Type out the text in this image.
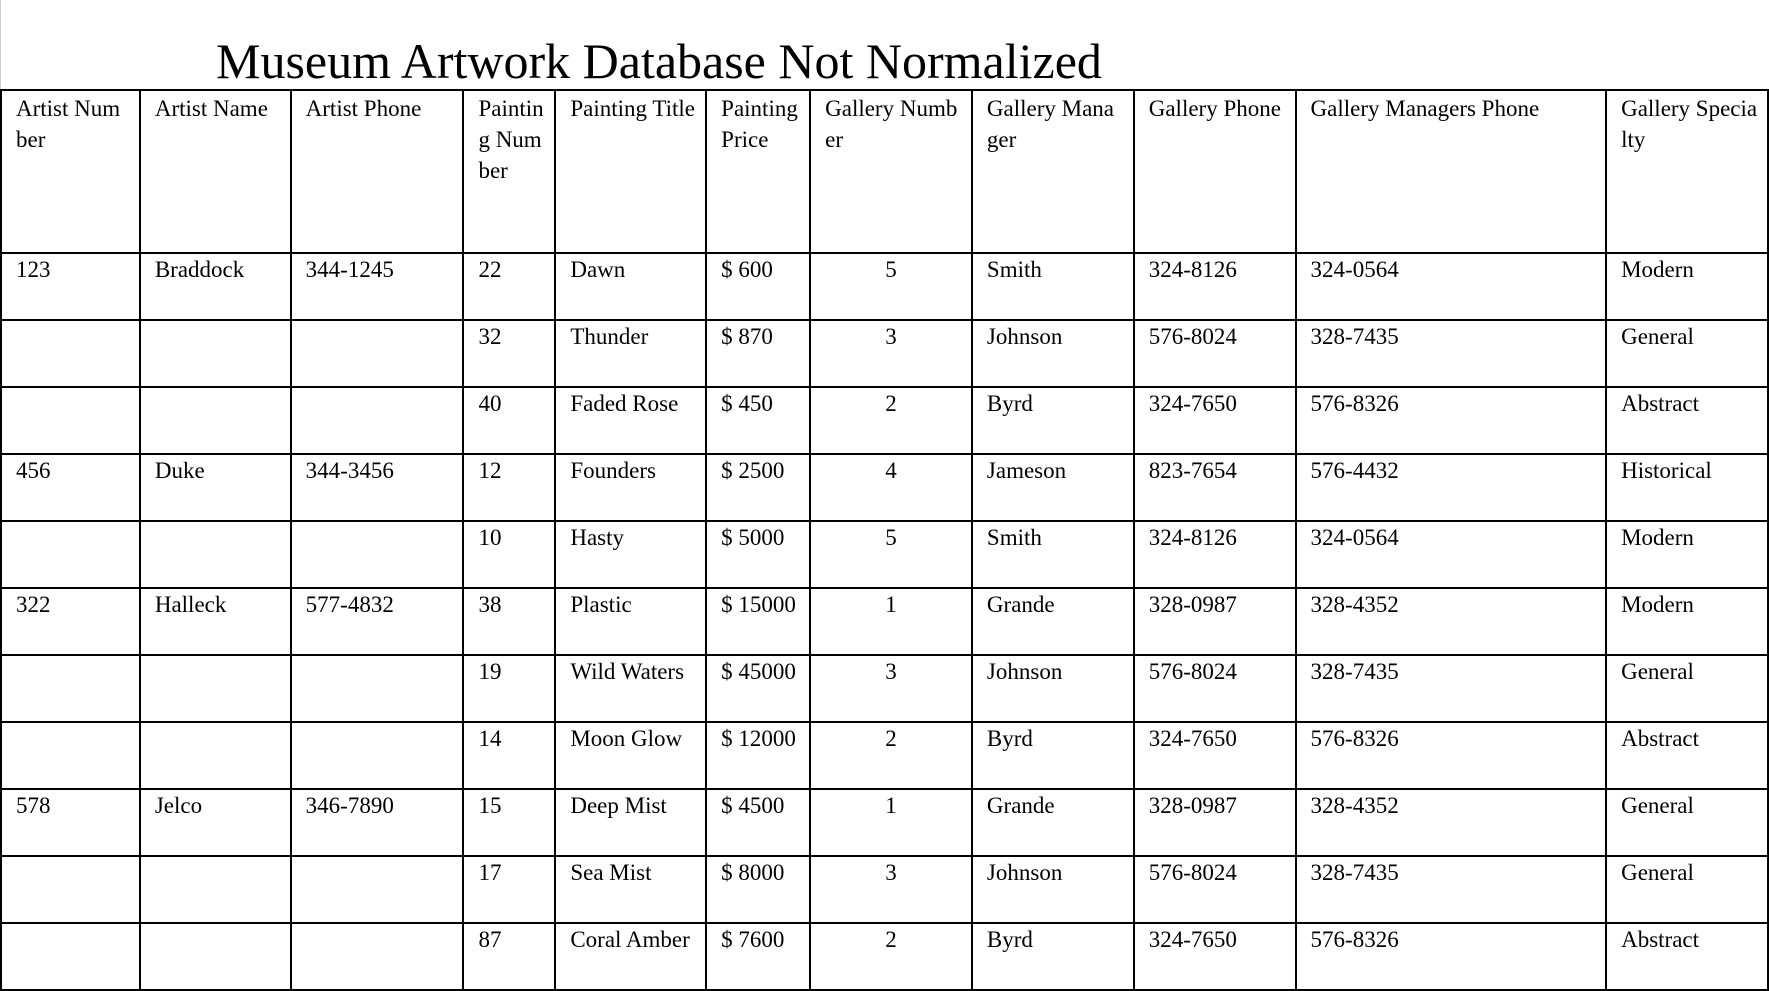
Museum Artwork Database Not Normalized
Artist Number	Artist Name	Artist Phone	Painting Number	Painting Title	Painting Price	Gallery Number	Gallery Manager	Gallery Phone	Gallery Managers Phone	Gallery Specialty
123	Braddock	344-1245	22	Dawn	$ 600	5	Smith	324-8126	324-0564	Modern
			32	Thunder	$ 870	3	Johnson	576-8024	328-7435	General
			40	Faded Rose	$ 450	2	Byrd	324-7650	576-8326	Abstract
456	Duke	344-3456	12	Founders	$ 2500	4	Jameson	823-7654	576-4432	Historical
			10	Hasty	$ 5000	5	Smith	324-8126	324-0564	Modern
322	Halleck	577-4832	38	Plastic	$ 15000	1	Grande	328-0987	328-4352	Modern
			19	Wild Waters	$ 45000	3	Johnson	576-8024	328-7435	General
			14	Moon Glow	$ 12000	2	Byrd	324-7650	576-8326	Abstract
578	Jelco	346-7890	15	Deep Mist	$ 4500	1	Grande	328-0987	328-4352	General
			17	Sea Mist	$ 8000	3	Johnson	576-8024	328-7435	General
			87	Coral Amber	$ 7600	2	Byrd	324-7650	576-8326	Abstract
